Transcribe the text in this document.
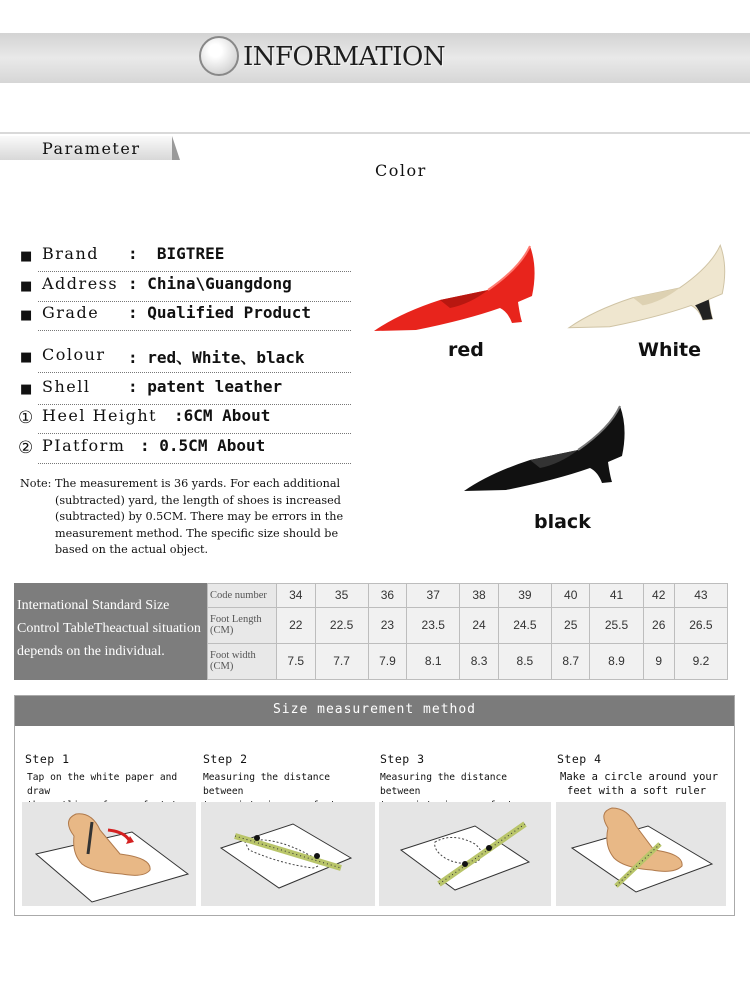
INFORMATION
Parameter
Color
■ Brand : BIGTREE
■ Address : China\Guangdong
■ Grade : Qualified Product
■ Colour : red、White、black
■ Shell : patent leather
① Heel Height :6CM About
② PIatform : 0.5CM About

Note: The measurement is 36 yards. For each additional

(subtracted) yard, the length of shoes is increased

(subtracted) by 0.5CM. There may be errors in the

measurement method. The specific size should be

based on the actual object.

red	White
black
International Standard Size
Control TableTheactual situation
depends on the individual.
Code number	34	35	36	37	38	39	40	41	42	43
Foot Length (CM)	22	22.5	23	23.5	24	24.5	25	25.5	26	26.5
Foot width (CM)	7.5	7.7	7.9	8.1	8.3	8.5	8.7	8.9	9	9.2
Size measurement method
Step 1
Tap on the white paper and draw
Step 2
Measuring the distance between
Step 3
Measuring the distance between
Step 4
Make a circle around your
feet with a soft ruler
